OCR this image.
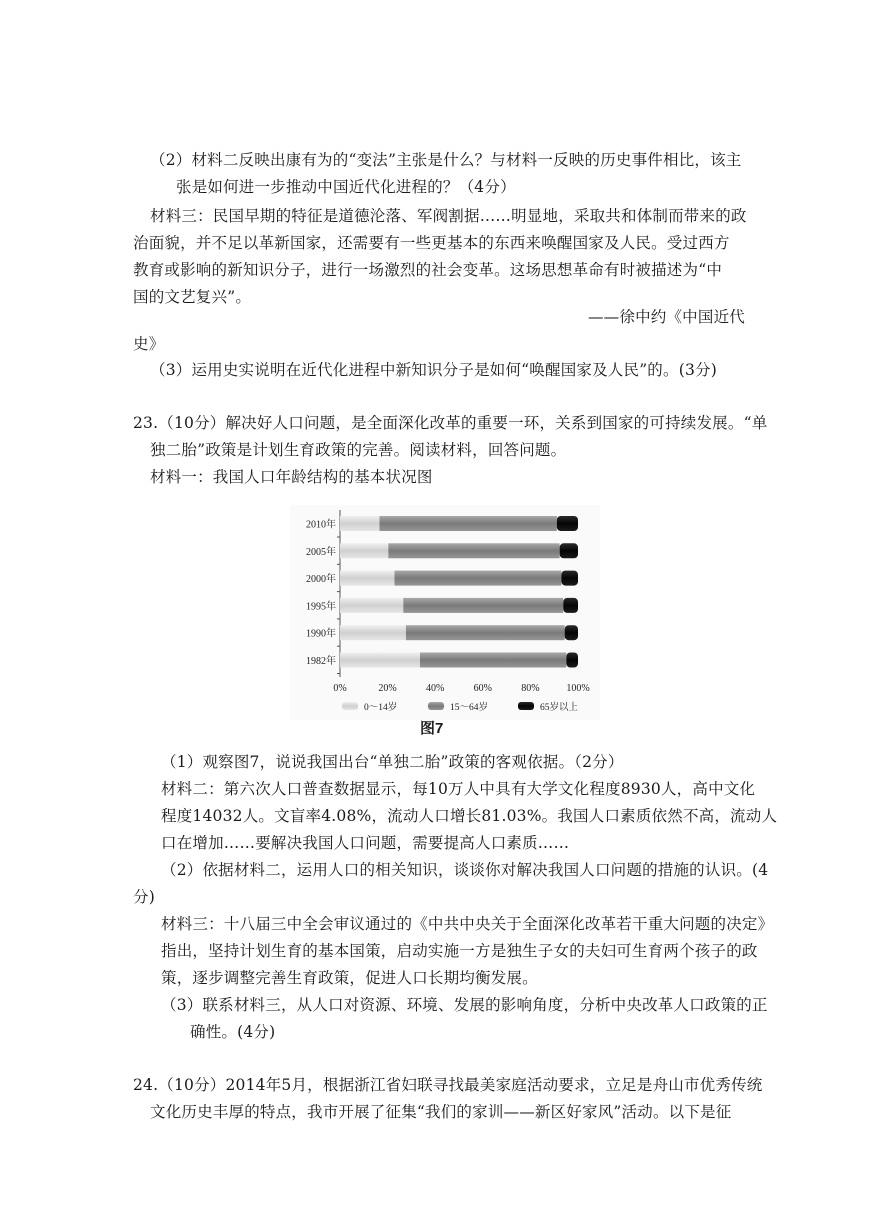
（2）材料二反映出康有为的“变法”主张是什么？与材料一反映的历史事件相比，该主
张是如何进一步推动中国近代化进程的？（4分）
材料三：民国早期的特征是道德沦落、军阀割据……明显地，采取共和体制而带来的政
治面貌，并不足以革新国家，还需要有一些更基本的东西来唤醒国家及人民。受过西方
教育或影响的新知识分子，进行一场激烈的社会变革。这场思想革命有时被描述为“中
国的文艺复兴”。
史》
（3）运用史实说明在近代化进程中新知识分子是如何“唤醒国家及人民”的。(3分)
23.（10分）解决好人口问题，是全面深化改革的重要一环，关系到国家的可持续发展。“单
独二胎”政策是计划生育政策的完善。阅读材料，回答问题。
材料一：我国人口年龄结构的基本状况图
（1）观察图7，说说我国出台“单独二胎”政策的客观依据。（2分）
材料二：第六次人口普查数据显示，每10万人中具有大学文化程度8930人，高中文化
程度14032人。文盲率4.08%，流动人口增长81.03%。我国人口素质依然不高，流动人
口在增加……要解决我国人口问题，需要提高人口素质……
（2）依据材料二，运用人口的相关知识，谈谈你对解决我国人口问题的措施的认识。(4
分)
材料三：十八届三中全会审议通过的《中共中央关于全面深化改革若干重大问题的决定》
指出，坚持计划生育的基本国策，启动实施一方是独生子女的夫妇可生育两个孩子的政
策，逐步调整完善生育政策，促进人口长期均衡发展。
（3）联系材料三，从人口对资源、环境、发展的影响角度，分析中央改革人口政策的正
确性。(4分)
24.（10分）2014年5月，根据浙江省妇联寻找最美家庭活动要求，立足是舟山市优秀传统
文化历史丰厚的特点，我市开展了征集“我们的家训——新区好家风”活动。以下是征
——徐中约《中国近代
2010年
2005年
2000年
1995年
1990年
1982年
0%	20%	40%	60%	80%	100%
0～14岁	15～64岁	65岁以上
图7
